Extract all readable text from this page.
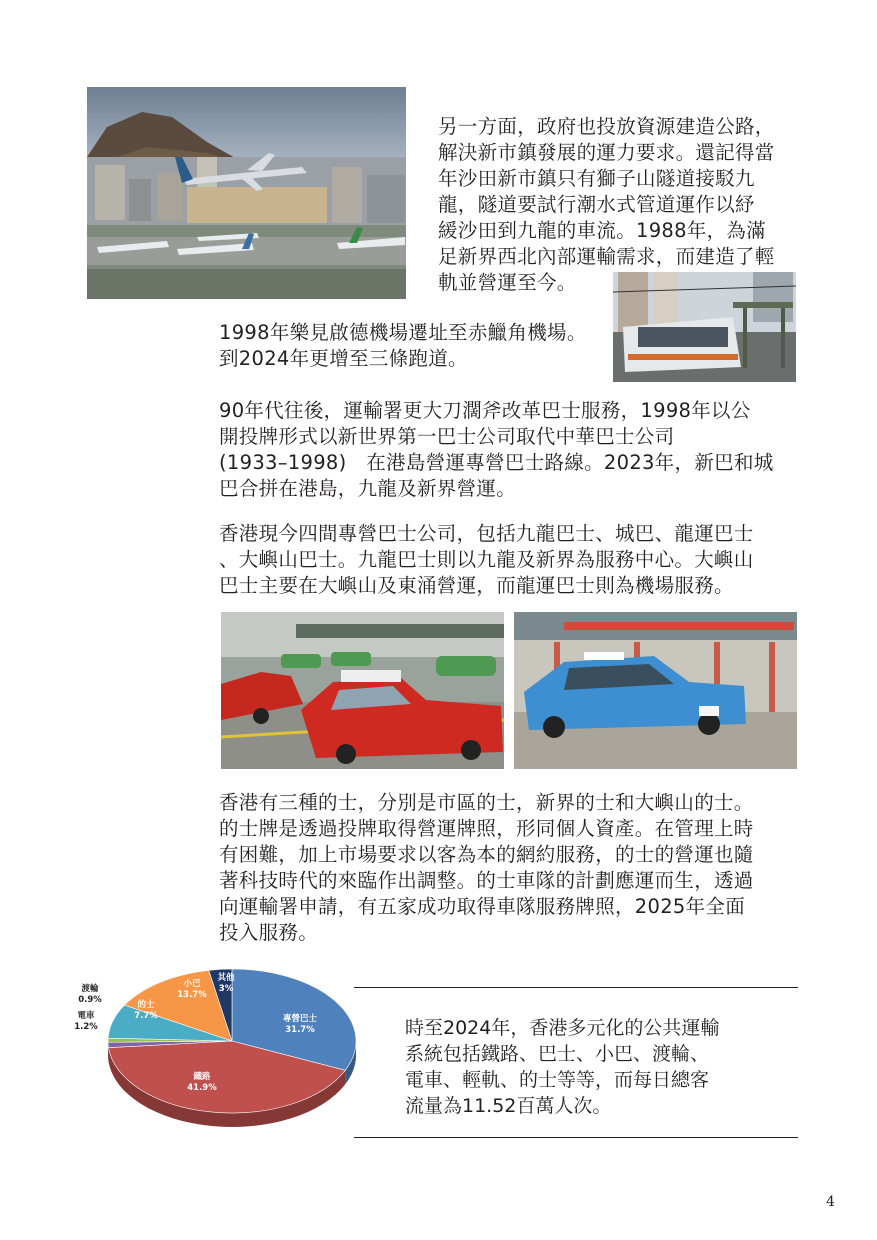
另一方面，政府也投放資源建造公路，
解決新市鎮發展的運力要求。還記得當
年沙田新市鎮只有獅子山隧道接駁九
龍，隧道要試行潮水式管道運作以紓
緩沙田到九龍的車流。1988年，為滿
足新界西北內部運輸需求，而建造了輕
軌並營運至今。
1998年樂見啟德機場遷址至赤鱲角機場。
到2024年更增至三條跑道。
90年代往後，運輸署更大刀濶斧改革巴士服務，1998年以公
開投牌形式以新世界第一巴士公司取代中華巴士公司
(1933–1998)　在港島營運專營巴士路線。2023年，新巴和城
巴合拼在港島，九龍及新界營運。
香港現今四間專營巴士公司，包括九龍巴士、城巴、龍運巴士
、大嶼山巴士。九龍巴士則以九龍及新界為服務中心。大嶼山
巴士主要在大嶼山及東涌營運，而龍運巴士則為機場服務。
香港有三種的士，分別是市區的士，新界的士和大嶼山的士。
的士牌是透過投牌取得營運牌照，形同個人資產。在管理上時
有困難，加上市場要求以客為本的網約服務，的士的營運也隨
著科技時代的來臨作出調整。的士車隊的計劃應運而生，透過
向運輸署申請，有五家成功取得車隊服務牌照，2025年全面
投入服務。
專營巴士
31.7%
鐵路
41.9%
小巴
13.7%
的士
7.7%
其他
3%
渡輪
0.9%
電車
1.2%	時至2024年，香港多元化的公共運輸
系統包括鐵路、巴士、小巴、渡輪、
電車、輕軌、的士等等，而每日總客
流量為11.52百萬人次。
4
